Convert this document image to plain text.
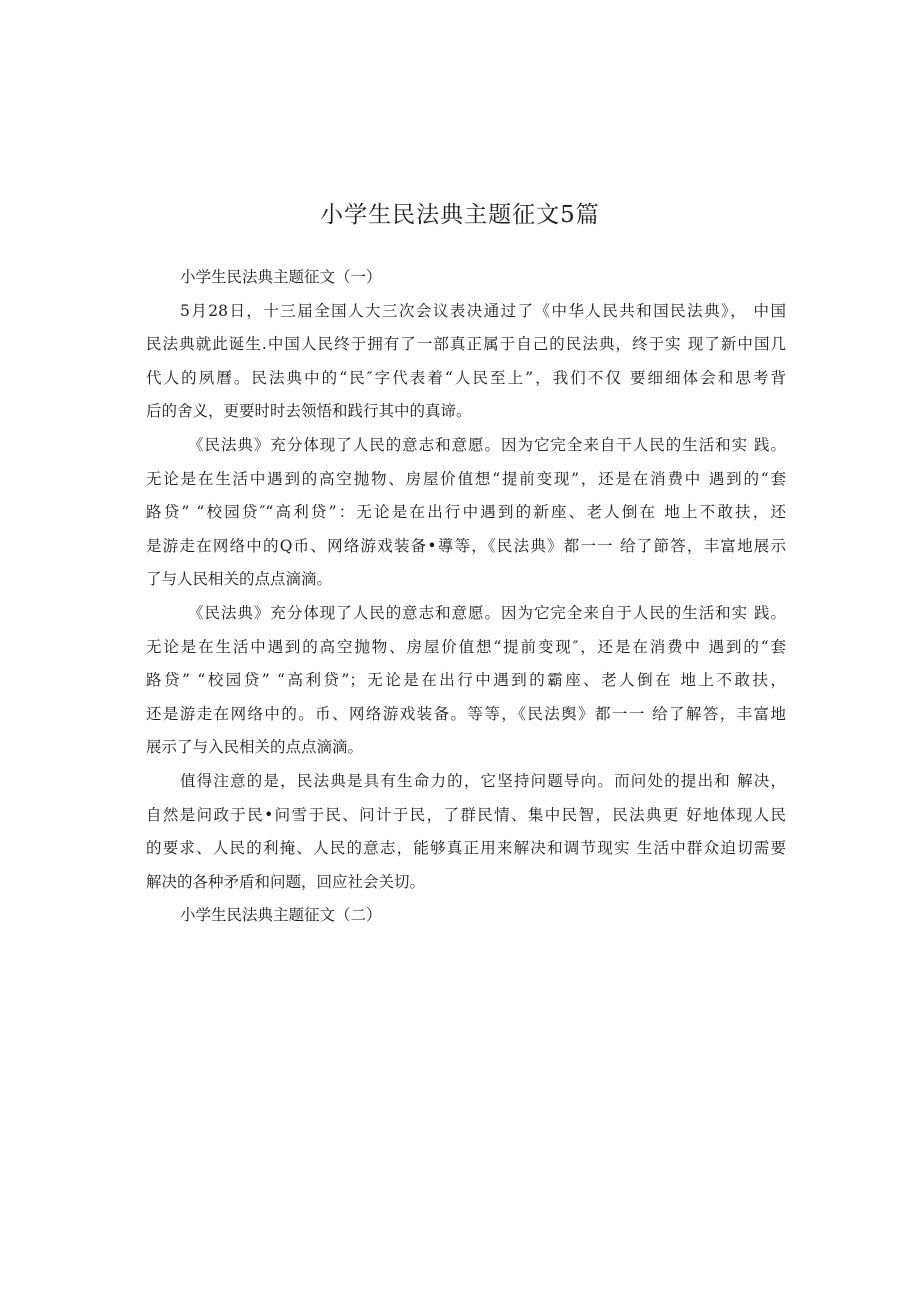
小学生民法典主题征文5篇

小学生民法典主题征文（一）

5月28日，十三届全国人大三次会议表决通过了《中华人民共和国民法典》， 中国
民法典就此诞生.中国人民终于拥有了一部真正属于自己的民法典，终于实 现了新中国几
代人的夙曆。民法典中的“民″字代表着“人民至上”，我们不仅 要细细体会和思考背
后的舍义，更要时时去领悟和践行其中的真谛。

《民法典》充分体现了人民的意志和意愿。因为它完全来自干人民的生活和实 践。
无论是在生活中遇到的高空抛物、房屋价值想“提前变现”，还是在消费中 遇到的“套
路贷” “校园贷″“高利贷”：无论是在出行中遇到的新座、老人倒在 地上不敢扶，还
是游走在网络中的Q币、网络游戏装备•導等，《民法典》都一一 给了節答，丰富地展示
了与人民相关的点点滴滴。

《民法典》充分体现了人民的意志和意愿。因为它完全来自于人民的生活和实 践。
无论是在生活中遇到的高空抛物、房屋价值想“提前变现″，还是在消费中 遇到的“套
路贷” “校园贷” “高利贷”；无论是在出行中遇到的霸座、老人倒在 地上不敢扶，
还是游走在网络中的。币、网络游戏装备。等等，《民法舆》都一一 给了解答，丰富地
展示了与入民相关的点点滴滴。

值得注意的是，民法典是具有生命力的，它坚持问题导向。而问处的提出和 解决，
自然是问政于民•问雪于民、问计于民，了群民情、集中民智，民法典更 好地体现人民
的要求、人民的利掩、人民的意志，能够真正用来解决和调节现实 生活中群众迫切需要
解决的各种矛盾和问题，回应社会关切。

小学生民法典主题征文（二）
